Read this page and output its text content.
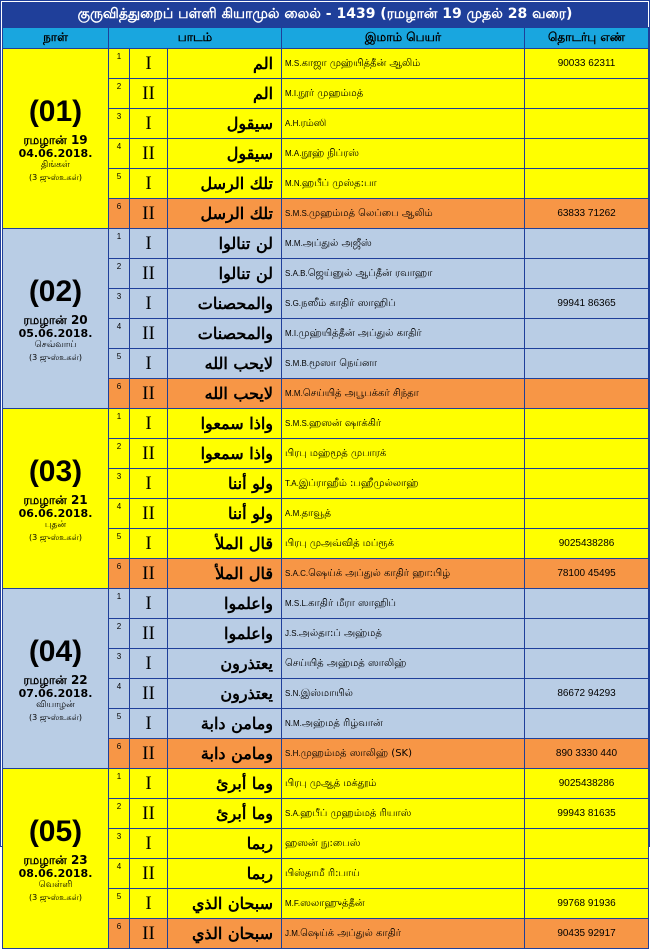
குருவித்துறைப் பள்ளி கியாமுல் லைல் - 1439 (ரமழான் 19 முதல் 28 வரை)
நாள்	பாடம்			இமாம் பெயர்	தொடர்பு எண்

(01)
ரமழான் 19
04.06.2018.
திங்கள்
(3 ஜுஸ்உகள்)	1	I	الم	M.S.காஜா முஹ்யித்தீன் ஆலிம்	90033 62311
	2	II	الم	M.I.நூர் முஹம்மத்	
	3	I	سيقول	A.H.ரம்ஸி	
	4	II	سيقول	M.A.நூஹ் நிப்ரஸ்	
	5	I	تلك الرسل	M.N.ஹபீப் முஸ்த:பா	
	6	II	تلك الرسل	S.M.S.முஹம்மத் லெப்பை ஆலிம்	63833 71262

(02)
ரமழான் 20
05.06.2018.
செவ்வாய்
(3 ஜுஸ்உகள்)	1	I	لن تنالوا	M.M.அப்துல் அஜீஸ்	
	2	II	لن تنالوا	S.A.B.ஜெய்னுல் ஆப்தீன் ரவாஹா	
	3	I	والمحصنات	S.G.நஸீம் காதிர் ஸாஹிப்	99941 86365
	4	II	والمحصنات	M.I.முஹ்யித்தீன் அப்துல் காதிர்	
	5	I	لايحب الله	S.M.B.மூஸா நெய்னா	
	6	II	لايحب الله	M.M.செய்யித் அபூபக்கர் சிந்தா	

(03)
ரமழான் 21
06.06.2018.
புதன்
(3 ஜுஸ்உகள்)	1	I	واذا سمعوا	S.M.S.ஹஸன் ஷாக்கிர்	
	2	II	واذا سمعوا	பிரபு மஹ்மூத் முபாரக்	
	3	I	ولو أننا	T.A.இப்ராஹீம் :பஹீமுல்லாஹ்	
	4	II	ولو أننا	A.M.தாவூத்	
	5	I	قال الملأ	பிரபு முஅவ்வித் மப்ரூக்	9025438286
	6	II	قال الملأ	S.A.C.ஷெய்க் அப்துல் காதிர் ஹா:பிழ்	78100 45495

(04)
ரமழான் 22
07.06.2018.
வியாழன்
(3 ஜுஸ்உகள்)	1	I	واعلموا	M.S.L.காதிர் மீரா ஸாஹிப்	
	2	II	واعلموا	J.S.அல்தா:ப் அஹ்மத்	
	3	I	يعتذرون	செய்யித் அஹ்மத் ஸாலிஹ்	
	4	II	يعتذرون	S.N.இஸ்மாயில்	86672 94293
	5	I	ومامن دابة	N.M.அஹ்மத் ரிழ்வான்	
	6	II	ومامن دابة	S.H.முஹம்மத் ஸாலிஹ் (SK)	890 3330 440

(05)
ரமழான் 23
08.06.2018.
வெள்ளி
(3 ஜுஸ்உகள்)	1	I	وما أبرئ	பிரபு முஆத் மக்தூம்	9025438286
	2	II	وما أبرئ	S.A.ஹபீப் முஹம்மத் ரியாஸ்	99943 81635
	3	I	ربما	ஹஸன் நு:பைஸ்	
	4	II	ربما	பிஸ்தாமீ ரி:பாய்	
	5	I	سبحان الذي	M.F.ஸலாஹுத்தீன்	99768 91936
	6	II	سبحان الذي	J.M.ஷெய்க் அப்துல் காதிர்	90435 92917
